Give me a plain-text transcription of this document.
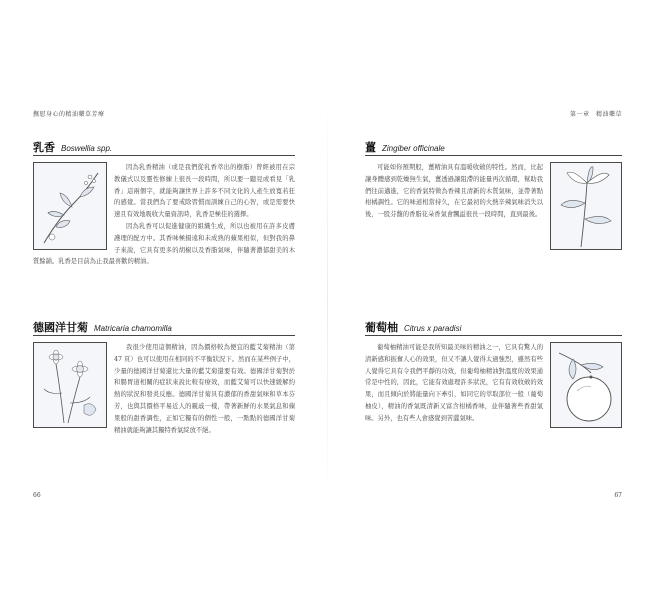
撫慰身心的精油藥草芳療	第一章　精油藥草
乳香 Boswellia spp.

因為乳香精油（或是我們從乳香萃出的樹脂）曾經被用在宗教儀式以及靈性修練上很長一段時間，所以要一聽見或看見「乳香」這兩個字，就能夠讓世界上許多不同文化的人產生放寬若狂的感覺。當我們為了要戒除習慣而訓練自己的心智，或是需要快速且有效地吸收大量資訊時，乳香是極佳的選擇。

因為乳香可以促進健康的組織生成，所以也被用在許多皮膚護理的配方中。其香味極揚遠和未成熟的蘋果相似，但對我的鼻子來說，它具有更多的胡椒以及香脂氣味，伴隨著濃郁甜美的木質餘韻。乳香是目前為止我最喜歡的精油。

德國洋甘菊 Matricaria chamomilla

我很少使用這個精油，因為價格較為便宜的藍艾菊精油（第 47 頁）也可以使用在相同的不平衡狀況下。然而在某些例子中，少量的德國洋甘菊還比大量的藍艾菊還要有效。德國洋甘菊對於和腸胃道相關的症狀來說比較有療效，而藍艾菊可以快速緩解約熱的狀況和發炎反應。德國洋甘菊具有濃郁的香甜氣味和草本芬芳，也與其價格平易近人的親戚一樣，帶著新鮮的水果氣息和蘋果般的甜香調性，正如它獨有的個性一般，一點點的德國洋甘菊精油就能夠讓其獨特香氣綻放不絕。

薑 Zingiber officinale

可能如你預期般，薑精油具有溫暖收斂的特性。然而，比起讓身體感到乾燥無生氣，薑透過讓阻滯的能量再次循環，幫助我們往前邁進，它的香氣特徵為香辣且清新的木質氣味，並帶著點柑橘調性。它的味道相當持久，在它最初的火熱辛辣氣味消失以後，一股芬馥的香脂花朵香氣會飄溢很長一段時間，直到最後。

葡萄柚 Citrus x paradisi

葡萄柚精油可能是我所知最美味的精油之一，它具有驚人的清新感和振奮人心的效果，但又不讓人覺得太過強烈，雖然有些人覺得它具有令我們平靜的功效，但葡萄柚精油對溫度的效果通常是中性的，因此，它能有效處理許多狀況，它有有效收斂的效果，而且傾向於將能量向下牽引，如同它的萃取部位一般（葡萄柚皮），精油的香氣既清新又富含柑橘香味，並伴隨著些香甜氣味。另外，也有些人會感覺到苦澀氣味。

66	67
